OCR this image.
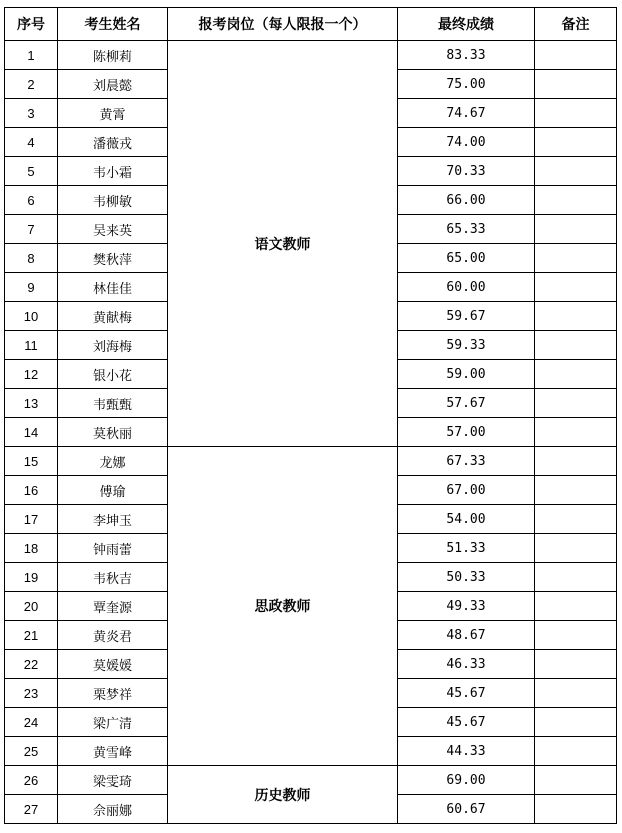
序号	考生姓名	报考岗位（每人限报一个）	最终成绩	备注
1	陈柳莉	语文教师	83.33	
2	刘晨懿		75.00	
3	黄霄		74.67	
4	潘薇戎		74.00	
5	韦小霜		70.33	
6	韦柳敏		66.00	
7	吴来英		65.33	
8	樊秋萍		65.00	
9	林佳佳		60.00	
10	黄献梅		59.67	
11	刘海梅		59.33	
12	银小花		59.00	
13	韦甄甄		57.67	
14	莫秋丽		57.00	
15	龙娜	思政教师	67.33	
16	傅瑜		67.00	
17	李坤玉		54.00	
18	钟雨蕾		51.33	
19	韦秋吉		50.33	
20	覃奎源		49.33	
21	黄炎君		48.67	
22	莫媛媛		46.33	
23	栗梦祥		45.67	
24	梁广清		45.67	
25	黄雪峰		44.33	
26	梁雯琦	历史教师	69.00	
27	佘丽娜		60.67	
